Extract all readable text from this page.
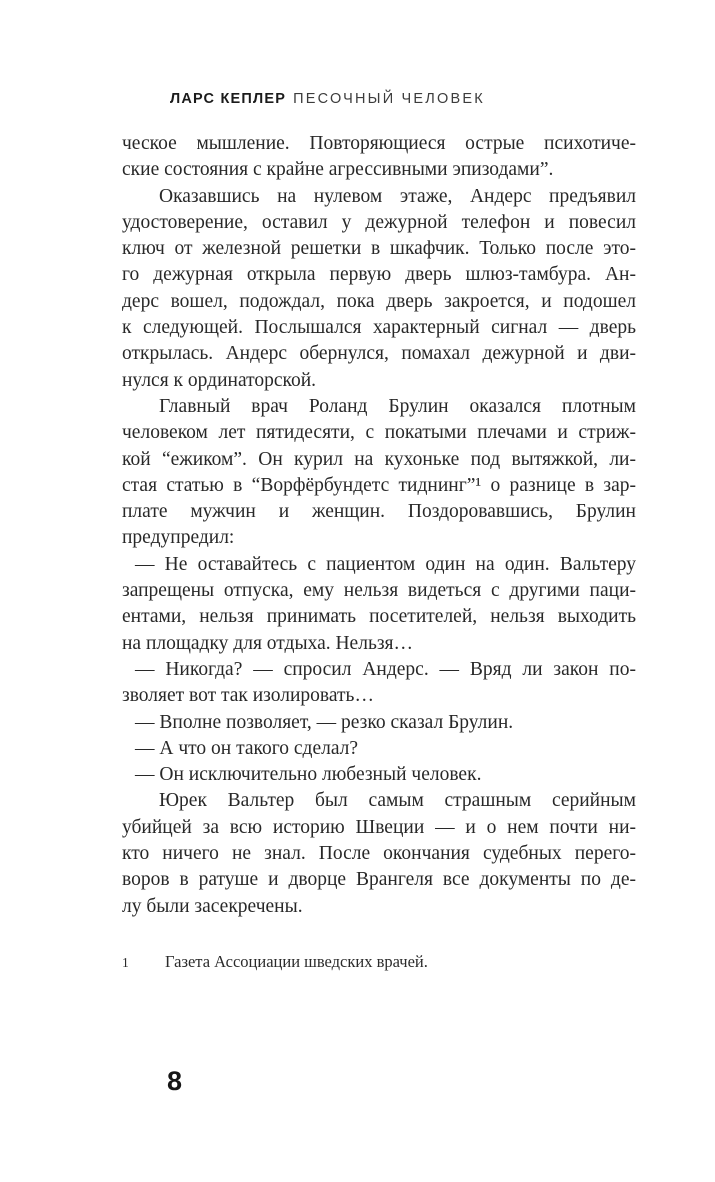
ЛАРС КЕПЛЕР ПЕСОЧНЫЙ ЧЕЛОВЕК
ческое мышление. Повторяющиеся острые психотиче-
ские состояния с крайне агрессивными эпизодами”.
Оказавшись на нулевом этаже, Андерс предъявил
удостоверение, оставил у дежурной телефон и повесил
ключ от железной решетки в шкафчик. Только после это-
го дежурная открыла первую дверь шлюз-тамбура. Ан-
дерс вошел, подождал, пока дверь закроется, и подошел
к следующей. Послышался характерный сигнал — дверь
открылась. Андерс обернулся, помахал дежурной и дви-
нулся к ординаторской.
Главный врач Роланд Брулин оказался плотным
человеком лет пятидесяти, с покатыми плечами и стриж-
кой “ежиком”. Он курил на кухоньке под вытяжкой, ли-
стая статью в “Ворфёрбундетс тиднинг”¹ о разнице в зар-
плате мужчин и женщин. Поздоровавшись, Брулин
предупредил:
— Не оставайтесь с пациентом один на один. Вальтеру
запрещены отпуска, ему нельзя видеться с другими паци-
ентами, нельзя принимать посетителей, нельзя выходить
на площадку для отдыха. Нельзя…
— Никогда? — спросил Андерс. — Вряд ли закон по-
зволяет вот так изолировать…
— Вполне позволяет, — резко сказал Брулин.
— А что он такого сделал?
— Он исключительно любезный человек.
Юрек Вальтер был самым страшным серийным
убийцей за всю историю Швеции — и о нем почти ни-
кто ничего не знал. После окончания судебных перего-
воров в ратуше и дворце Врангеля все документы по де-
лу были засекречены.
1 Газета Ассоциации шведских врачей.
8
